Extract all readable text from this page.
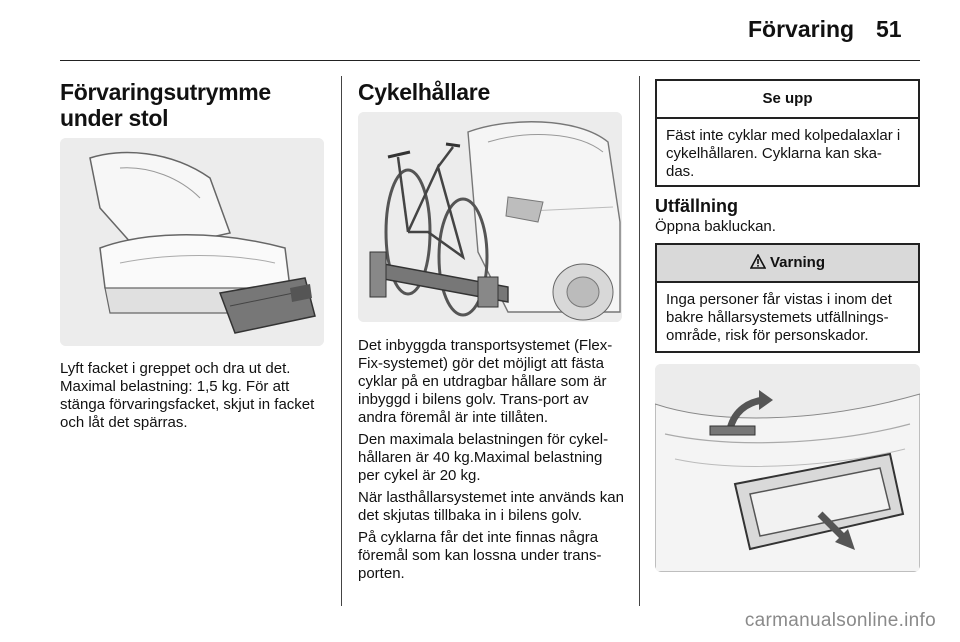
Förvaring 51
Förvaringsutrymme under stol

Lyft facket i greppet och dra ut det. Maximal belastning: 1,5 kg. För att stänga förvaringsfacket, skjut in facket och låt det spärras.

Cykelhållare

Det inbyggda transportsystemet (Flex-Fix-systemet) gör det möjligt att fästa cyklar på en utdragbar hållare som är inbyggd i bilens golv. Trans-port av andra föremål är inte tillåten.

Den maximala belastningen för cykel-hållaren är 40 kg.Maximal belastning per cykel är 20 kg.

När lasthållarsystemet inte används kan det skjutas tillbaka in i bilens golv.

På cyklarna får det inte finnas några föremål som kan lossna under trans-porten.

Se upp
Fäst inte cyklar med kolpedalaxlar i cykelhållaren. Cyklarna kan ska-das.
Utfällning
Öppna bakluckan.
Varning
Inga personer får vistas i inom det bakre hållarsystemets utfällnings-område, risk för personskador.
carmanualsonline.info
